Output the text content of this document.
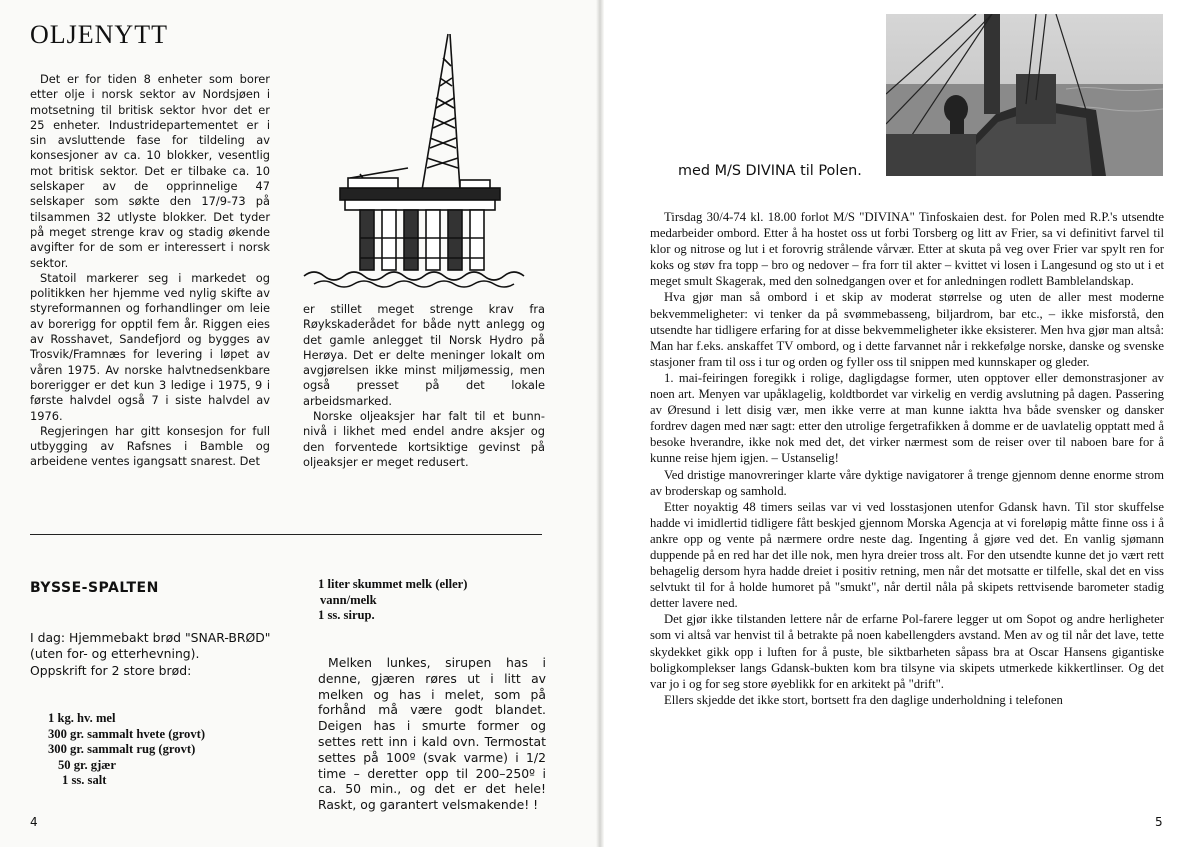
OLJENYTT

Det er for tiden 8 enheter som borer etter olje i norsk sektor av Nordsjøen i motsetning til britisk sektor hvor det er 25 enheter. Industridepartementet er i sin avsluttende fase for tildeling av konsesjoner av ca. 10 blokker, vesentlig mot britisk sektor. Det er tilbake ca. 10 selskaper av de opprinnelige 47 selskaper som søkte den 17/9-73 på tilsammen 32 utlyste blokker. Det tyder på meget strenge krav og stadig økende avgifter for de som er interessert i norsk sektor.

Statoil markerer seg i markedet og politikken her hjemme ved nylig skifte av styreformannen og forhandlinger om leie av borerigg for opptil fem år. Riggen eies av Rosshavet, Sandefjord og bygges av Trosvik/Framnæs for levering i løpet av våren 1975. Av norske halvtnedsenkbare borerigger er det kun 3 ledige i 1975, 9 i første halvdel også 7 i siste halvdel av 1976.

Regjeringen har gitt konsesjon for full utbygging av Rafsnes i Bamble og arbeidene ventes igangsatt snarest. Det

er stillet meget strenge krav fra Røykskaderådet for både nytt anlegg og det gamle anlegget til Norsk Hydro på Herøya. Det er delte meninger lokalt om avgjørelsen ikke minst miljømessig, men også presset på det lokale arbeidsmarked.

Norske oljeaksjer har falt til et bunn-nivå i likhet med endel andre aksjer og den forventede kortsiktige gevinst på oljeaksjer er meget redusert.

BYSSE-SPALTEN

I dag: Hjemmebakt brød "SNAR-BRØD" (uten for- og etterhevning).

Oppskrift for 2 store brød:

1 kg. hv. mel
300 gr. sammalt hvete (grovt)
300 gr. sammalt rug (grovt)
50 gr. gjær
1 ss. salt
1 liter skummet melk (eller)
vann/melk
1 ss. sirup.

Melken lunkes, sirupen has i denne, gjæren røres ut i litt av melken og has i melet, som på forhånd må være godt blandet. Deigen has i smurte former og settes rett inn i kald ovn. Termostat settes på 100º (svak varme) i 1/2 time – deretter opp til 200–250º i ca. 50 min., og det er det hele! Raskt, og garantert velsmakende! !

4
med M/S DIVINA til Polen.

Tirsdag 30/4-74 kl. 18.00 forlot M/S "DIVINA" Tinfoskaien dest. for Polen med R.P.'s utsendte medarbeider ombord. Etter å ha hostet oss ut forbi Torsberg og litt av Frier, sa vi definitivt farvel til klor og nitrose og lut i et forovrig strålende vårvær. Etter at skuta på veg over Frier var spylt ren for koks og støv fra topp – bro og nedover – fra forr til akter – kvittet vi losen i Langesund og sto ut i et meget smult Skagerak, med den solnedgangen over et for anledningen rodlett Bamblelandskap.

Hva gjør man så ombord i et skip av moderat størrelse og uten de aller mest moderne bekvemmeligheter: vi tenker da på svømmebasseng, biljardrom, bar etc., – ikke misforstå, den utsendte har tidligere erfaring for at disse bekvemmeligheter ikke eksisterer. Men hva gjør man altså: Man har f.eks. anskaffet TV ombord, og i dette farvannet når i rekkefølge norske, danske og svenske stasjoner fram til oss i tur og orden og fyller oss til snippen med kunnskaper og gleder.

1. mai-feiringen foregikk i rolige, dagligdagse former, uten opptover eller demonstrasjoner av noen art. Menyen var upåklagelig, koldtbordet var virkelig en verdig avslutning på dagen. Passering av Øresund i lett disig vær, men ikke verre at man kunne iaktta hva både svensker og dansker fordrev dagen med nær sagt: etter den utrolige fergetrafikken å domme er de uavlatelig opptatt med å besoke hverandre, ikke nok med det, det virker nærmest som de reiser over til naboen bare for å kunne reise hjem igjen. – Ustanselig!

Ved dristige manovreringer klarte våre dyktige navigatorer å trenge gjennom denne enorme strom av broderskap og samhold.

Etter noyaktig 48 timers seilas var vi ved losstasjonen utenfor Gdansk havn. Til stor skuffelse hadde vi imidlertid tidligere fått beskjed gjennom Morska Agencja at vi foreløpig måtte finne oss i å ankre opp og vente på nærmere ordre neste dag. Ingenting å gjøre ved det. En vanlig sjømann duppende på en red har det ille nok, men hyra dreier tross alt. For den utsendte kunne det jo vært rett behagelig dersom hyra hadde dreiet i positiv retning, men når det motsatte er tilfelle, skal det en viss selvtukt til for å holde humoret på "smukt", når dertil nåla på skipets rettvisende barometer stadig detter lavere ned.

Det gjør ikke tilstanden lettere når de erfarne Pol-farere legger ut om Sopot og andre herligheter som vi altså var henvist til å betrakte på noen kabellengders avstand. Men av og til når det lave, tette skydekket gikk opp i luften for å puste, ble siktbarheten såpass bra at Oscar Hansens gigantiske boligkomplekser langs Gdansk-bukten kom bra tilsyne via skipets utmerkede kikkertlinser. Og det var jo i og for seg store øyeblikk for en arkitekt på "drift".

Ellers skjedde det ikke stort, bortsett fra den daglige underholdning i telefonen

5
